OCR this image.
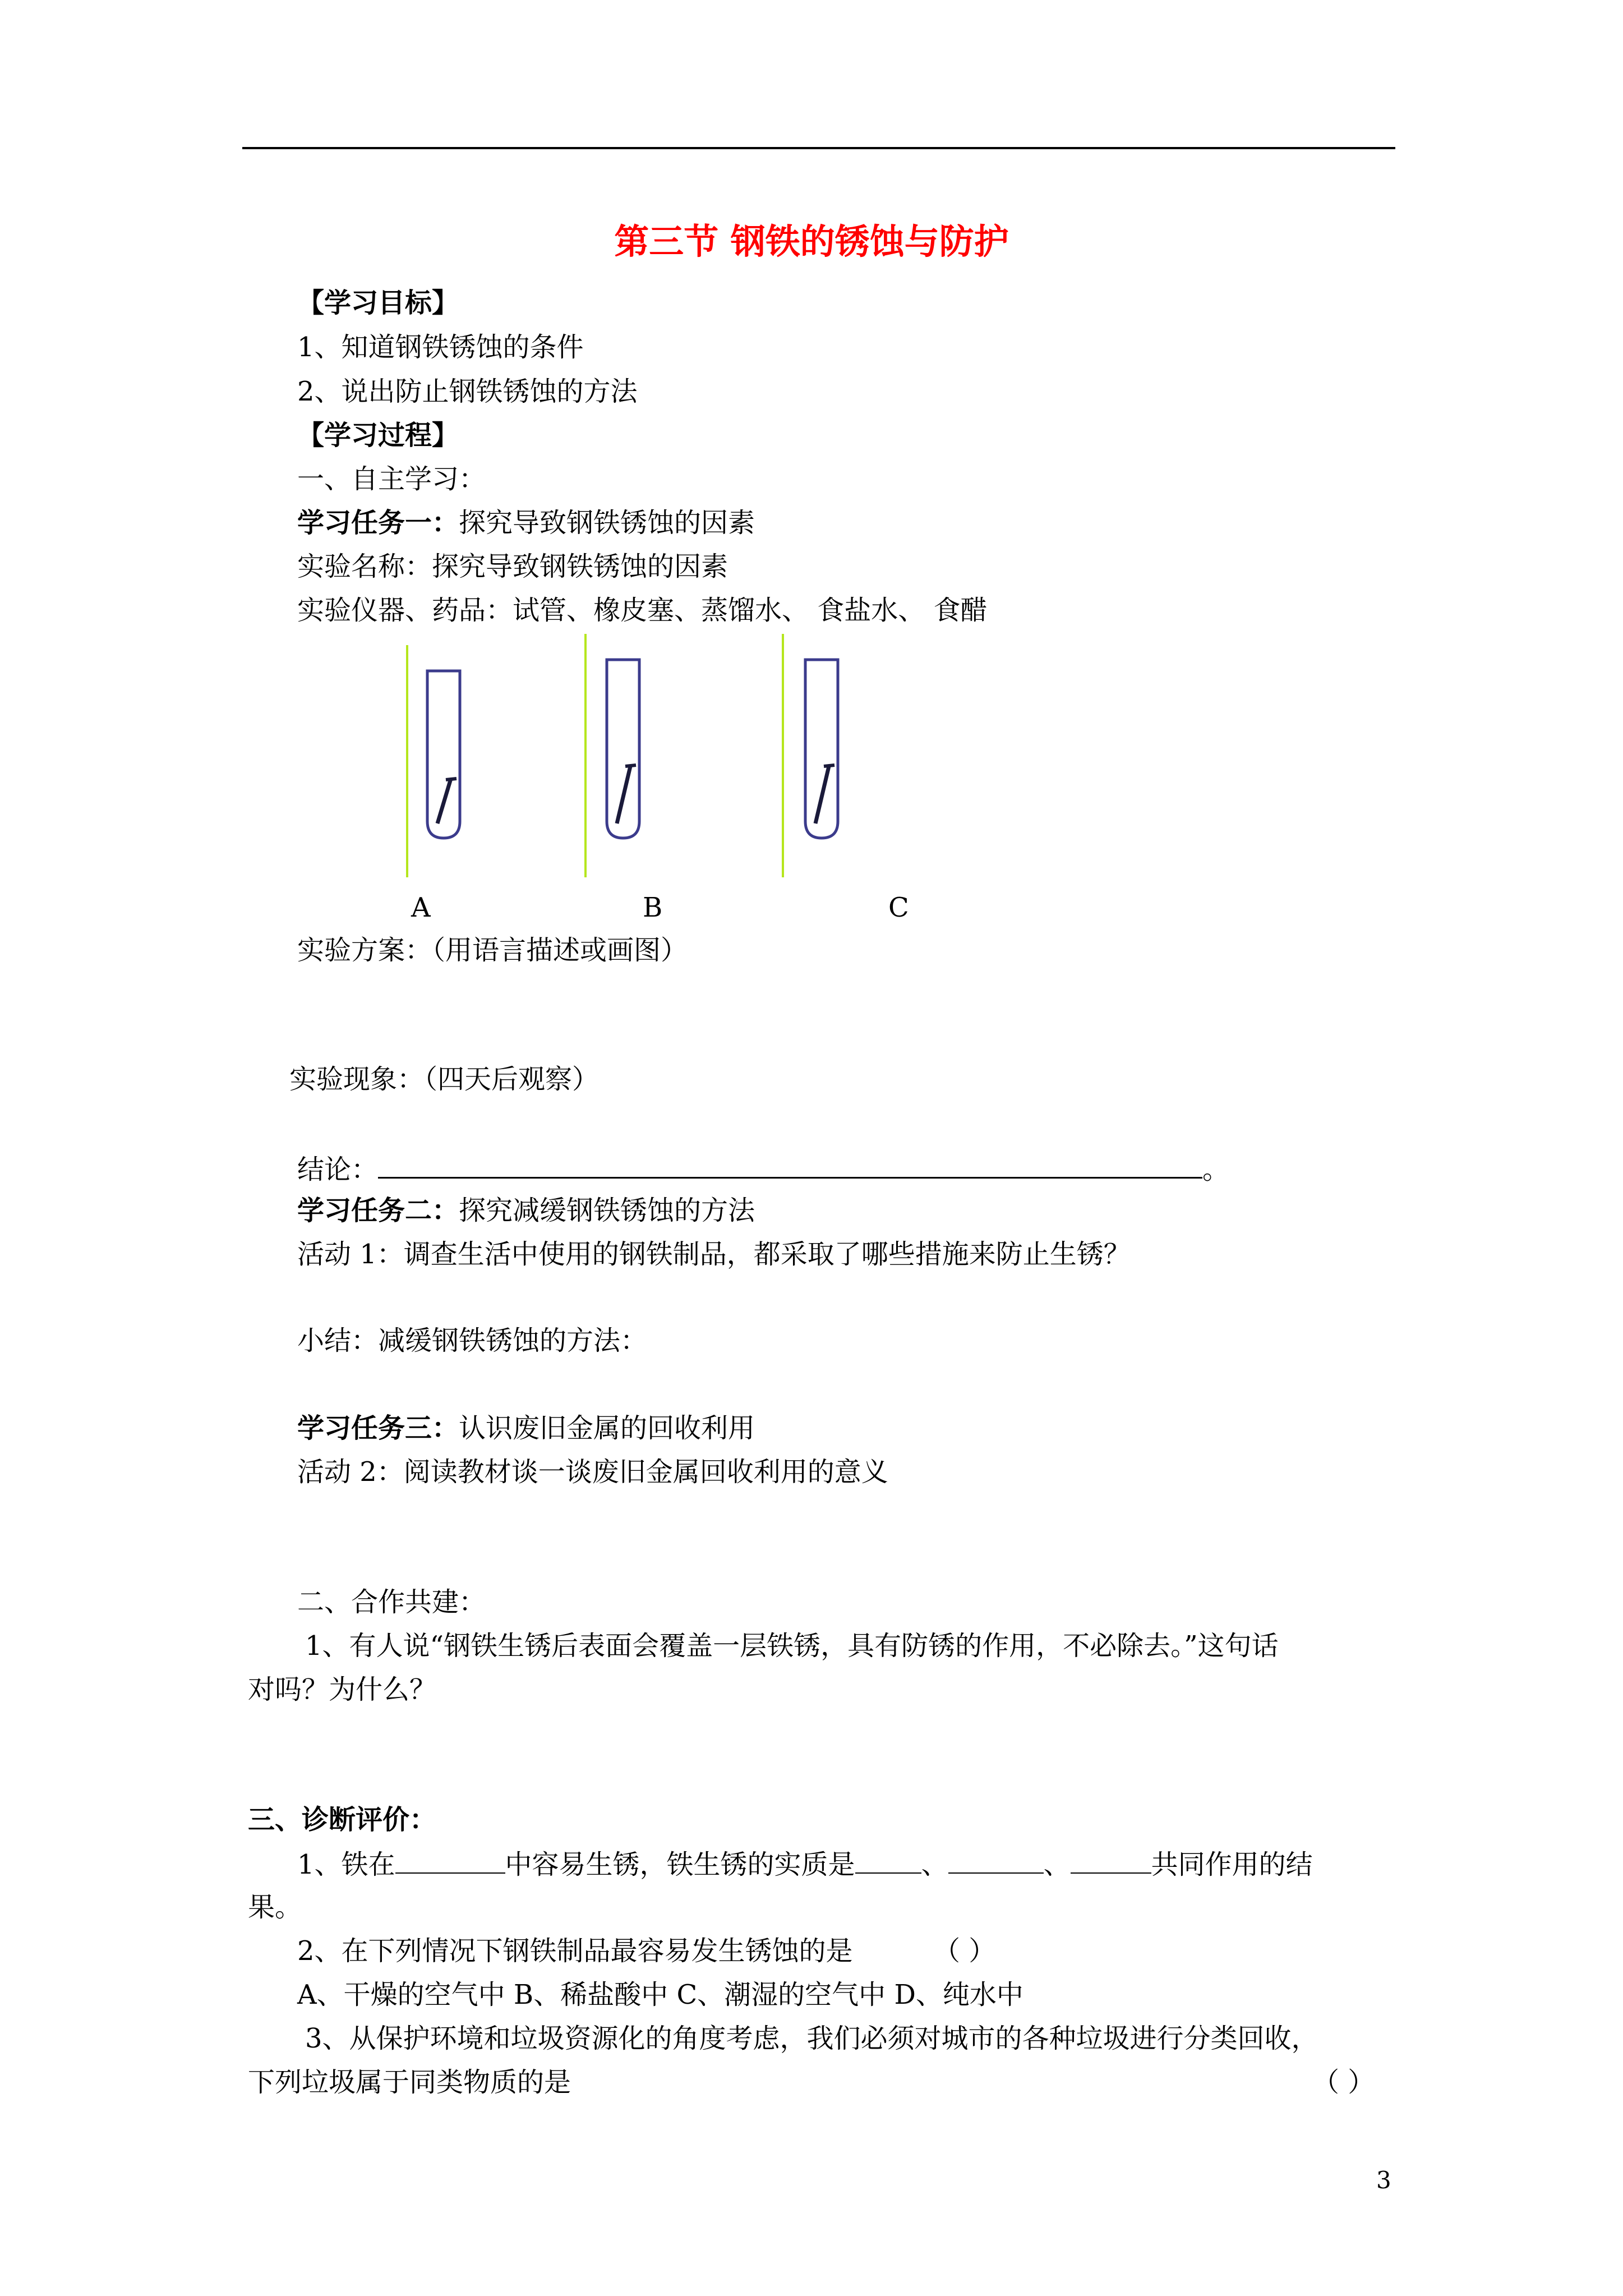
第三节 钢铁的锈蚀与防护
【学习目标】
1、知道钢铁锈蚀的条件
2、说出防止钢铁锈蚀的方法
【学习过程】
一、自主学习：
学习任务一：探究导致钢铁锈蚀的因素
实验名称：探究导致钢铁锈蚀的因素
实验仪器、药品：试管、橡皮塞、蒸馏水、 食盐水、 食醋
A	B	C
实验方案：（用语言描述或画图）
实验现象：（四天后观察）
结论：	。
学习任务二：探究减缓钢铁锈蚀的方法
活动 1：调查生活中使用的钢铁制品，都采取了哪些措施来防止生锈？
小结：减缓钢铁锈蚀的方法：
学习任务三：认识废旧金属的回收利用
活动 2：阅读教材谈一谈废旧金属回收利用的意义
二、合作共建：
1、有人说“钢铁生锈后表面会覆盖一层铁锈，具有防锈的作用，不必除去。”这句话
对吗？为什么？
三、诊断评价：
1、铁在	中容易生锈，铁生锈的实质是 、	、	共同作用的结
果。
2、在下列情况下钢铁制品最容易发生锈蚀的是	（ ）
A、干燥的空气中 B、稀盐酸中 C、潮湿的空气中 D、纯水中
3、从保护环境和垃圾资源化的角度考虑，我们必须对城市的各种垃圾进行分类回收，
下列垃圾属于同类物质的是	（ ）
3
